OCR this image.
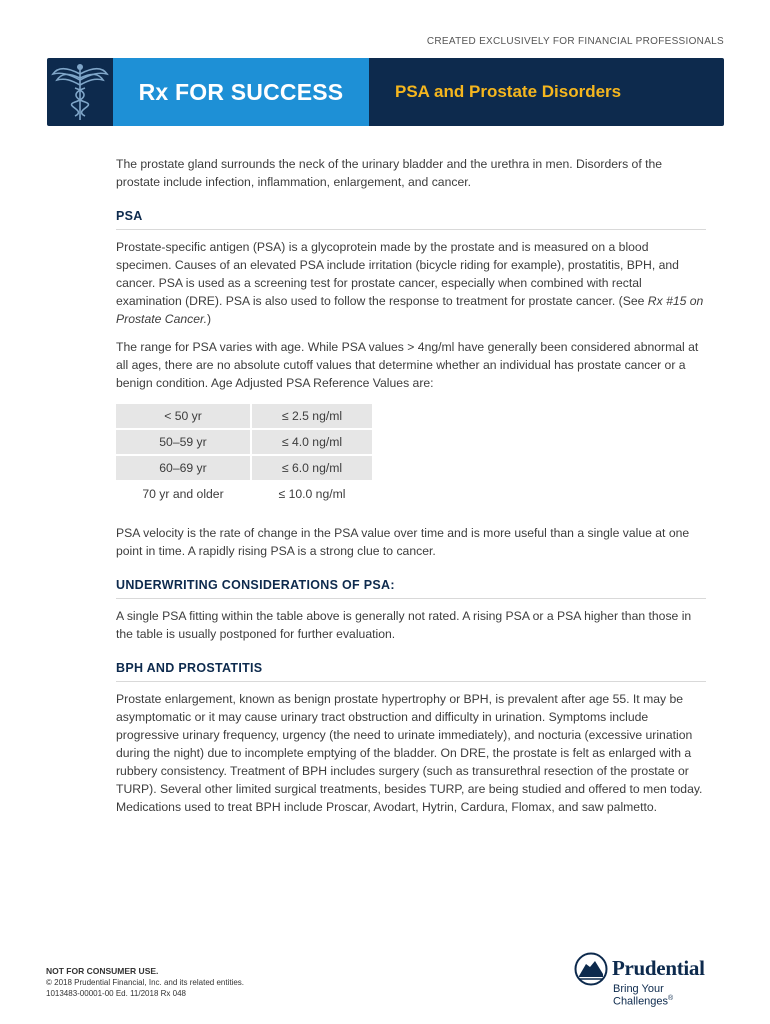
CREATED EXCLUSIVELY FOR FINANCIAL PROFESSIONALS
Rx FOR SUCCESS	PSA and Prostate Disorders

The prostate gland surrounds the neck of the urinary bladder and the urethra in men. Disorders of the prostate include infection, inflammation, enlargement, and cancer.

PSA

Prostate-specific antigen (PSA) is a glycoprotein made by the prostate and is measured on a blood specimen. Causes of an elevated PSA include irritation (bicycle riding for example), prostatitis, BPH, and cancer. PSA is used as a screening test for prostate cancer, especially when combined with rectal examination (DRE). PSA is also used to follow the response to treatment for prostate cancer. (See Rx #15 on Prostate Cancer.)

The range for PSA varies with age. While PSA values > 4ng/ml have generally been considered abnormal at all ages, there are no absolute cutoff values that determine whether an individual has prostate cancer or a benign condition. Age Adjusted PSA Reference Values are:

< 50 yr		≤ 2.5 ng/ml
50–59 yr		≤ 4.0 ng/ml
60–69 yr		≤ 6.0 ng/ml
70 yr and older		≤ 10.0 ng/ml

PSA velocity is the rate of change in the PSA value over time and is more useful than a single value at one point in time. A rapidly rising PSA is a strong clue to cancer.

UNDERWRITING CONSIDERATIONS OF PSA:

A single PSA fitting within the table above is generally not rated. A rising PSA or a PSA higher than those in the table is usually postponed for further evaluation.

BPH AND PROSTATITIS

Prostate enlargement, known as benign prostate hypertrophy or BPH, is prevalent after age 55. It may be asymptomatic or it may cause urinary tract obstruction and difficulty in urination. Symptoms include progressive urinary frequency, urgency (the need to urinate immediately), and nocturia (excessive urination during the night) due to incomplete emptying of the bladder. On DRE, the prostate is felt as enlarged with a rubbery consistency. Treatment of BPH includes surgery (such as transurethral resection of the prostate or TURP). Several other limited surgical treatments, besides TURP, are being studied and offered to men today. Medications used to treat BPH include Proscar, Avodart, Hytrin, Cardura, Flomax, and saw palmetto.

NOT FOR CONSUMER USE.
© 2018 Prudential Financial, Inc. and its related entities.
1013483-00001-00 Ed. 11/2018 Rx 048
Prudential
Bring Your Challenges®
